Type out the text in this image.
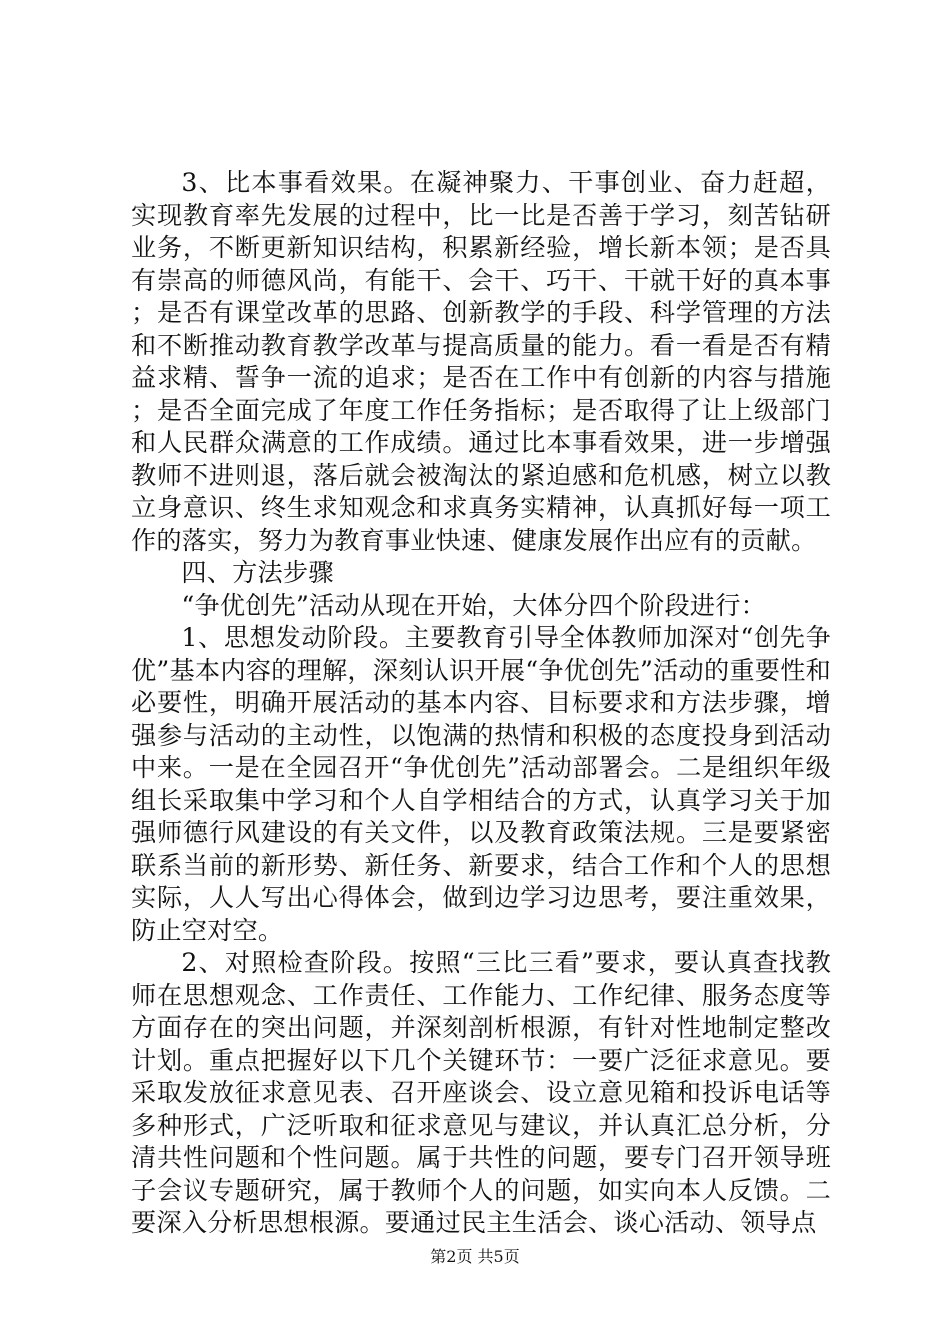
3、比本事看效果。在凝神聚力、干事创业、奋力赶超，实现教育率先发展的过程中，比一比是否善于学习，刻苦钻研业务，不断更新知识结构，积累新经验，增长新本领；是否具有崇高的师德风尚，有能干、会干、巧干、干就干好的真本事；是否有课堂改革的思路、创新教学的手段、科学管理的方法和不断推动教育教学改革与提高质量的能力。看一看是否有精益求精、誓争一流的追求；是否在工作中有创新的内容与措施；是否全面完成了年度工作任务指标；是否取得了让上级部门和人民群众满意的工作成绩。通过比本事看效果，进一步增强教师不进则退，落后就会被淘汰的紧迫感和危机感，树立以教立身意识、终生求知观念和求真务实精神，认真抓好每一项工作的落实，努力为教育事业快速、健康发展作出应有的贡献。

四、方法步骤

“争优创先”活动从现在开始，大体分四个阶段进行：

1、思想发动阶段。主要教育引导全体教师加深对“创先争优”基本内容的理解，深刻认识开展“争优创先”活动的重要性和必要性，明确开展活动的基本内容、目标要求和方法步骤，增强参与活动的主动性，以饱满的热情和积极的态度投身到活动中来。一是在全园召开“争优创先”活动部署会。二是组织年级组长采取集中学习和个人自学相结合的方式，认真学习关于加强师德行风建设的有关文件，以及教育政策法规。三是要紧密联系当前的新形势、新任务、新要求，结合工作和个人的思想实际，人人写出心得体会，做到边学习边思考，要注重效果，防止空对空。

2、对照检查阶段。按照“三比三看”要求，要认真查找教师在思想观念、工作责任、工作能力、工作纪律、服务态度等方面存在的突出问题，并深刻剖析根源，有针对性地制定整改计划。重点把握好以下几个关键环节：一要广泛征求意见。要采取发放征求意见表、召开座谈会、设立意见箱和投诉电话等多种形式，广泛听取和征求意见与建议，并认真汇总分析，分清共性问题和个性问题。属于共性的问题，要专门召开领导班子会议专题研究，属于教师个人的问题，如实向本人反馈。二要深入分析思想根源。要通过民主生活会、谈心活动、领导点

第2页 共5页
